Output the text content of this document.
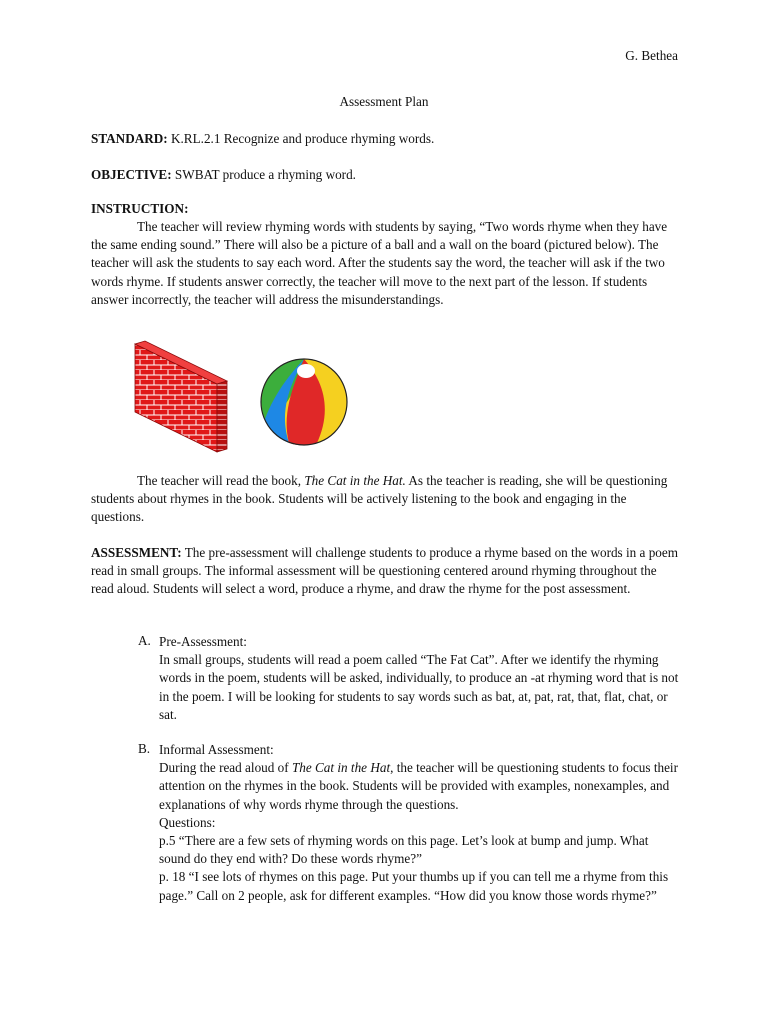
G. Bethea
Assessment Plan
STANDARD: K.RL.2.1 Recognize and produce rhyming words.
OBJECTIVE: SWBAT produce a rhyming word.
INSTRUCTION:
The teacher will review rhyming words with students by saying, “Two words rhyme when they have the same ending sound.” There will also be a picture of a ball and a wall on the board (pictured below). The teacher will ask the students to say each word. After the students say the word, the teacher will ask if the two words rhyme. If students answer correctly, the teacher will move to the next part of the lesson. If students answer incorrectly, the teacher will address the misunderstandings.
The teacher will read the book, The Cat in the Hat. As the teacher is reading, she will be questioning students about rhymes in the book. Students will be actively listening to the book and engaging in the questions.
ASSESSMENT: The pre-assessment will challenge students to produce a rhyme based on the words in a poem read in small groups. The informal assessment will be questioning centered around rhyming throughout the read aloud. Students will select a word, produce a rhyme, and draw the rhyme for the post assessment.
A. Pre-Assessment:
In small groups, students will read a poem called “The Fat Cat”. After we identify the rhyming words in the poem, students will be asked, individually, to produce an -at rhyming word that is not in the poem. I will be looking for students to say words such as bat, at, pat, rat, that, flat, chat, or sat.
B. Informal Assessment:
During the read aloud of The Cat in the Hat, the teacher will be questioning students to focus their attention on the rhymes in the book. Students will be provided with examples, nonexamples, and explanations of why words rhyme through the questions.
Questions:
p.5 “There are a few sets of rhyming words on this page. Let’s look at bump and jump. What sound do they end with? Do these words rhyme?”
p. 18 “I see lots of rhymes on this page. Put your thumbs up if you can tell me a rhyme from this page.” Call on 2 people, ask for different examples. “How did you know those words rhyme?”
